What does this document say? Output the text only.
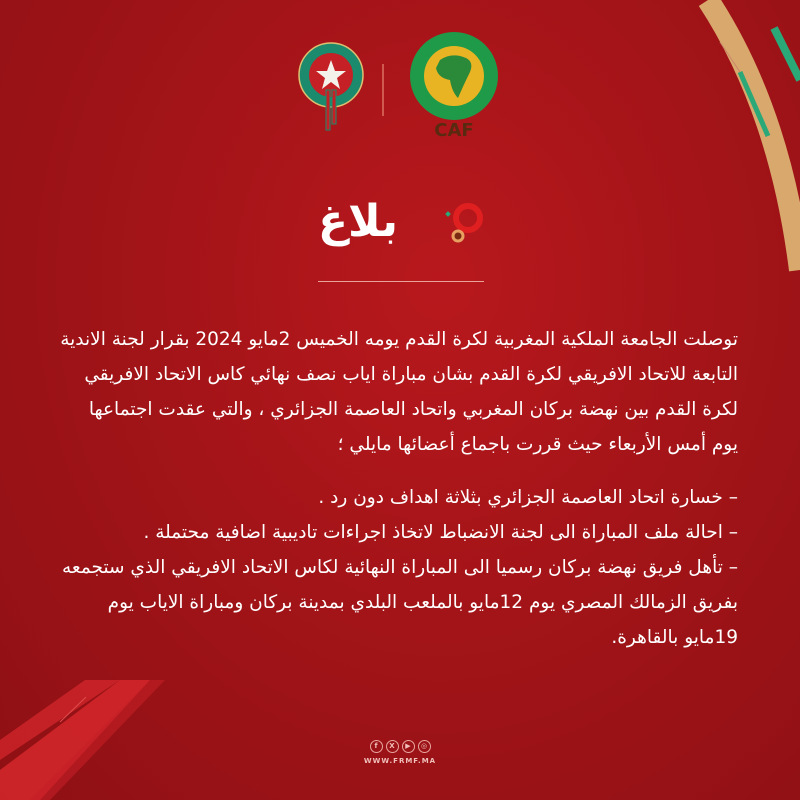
CAF
بلاغ

توصلت الجامعة الملكية المغربية لكرة القدم يومه الخميس 2مايو 2024 بقرار لجنة الاندية التابعة للاتحاد الافريقي لكرة القدم بشان مباراة اياب نصف نهائي كاس الاتحاد الافريقي لكرة القدم بين نهضة بركان المغربي واتحاد العاصمة الجزائري ، والتي عقدت اجتماعها يوم أمس الأربعاء حيث قررت باجماع أعضائها مايلي ؛

– خسارة اتحاد العاصمة الجزائري بثلاثة اهداف دون رد .

– احالة ملف المباراة الى لجنة الانضباط لاتخاذ اجراءات تاديبية اضافية محتملة .

– تأهل فريق نهضة بركان رسميا الى المباراة النهائية لكاس الاتحاد الافريقي الذي ستجمعه بفريق الزمالك المصري يوم 12مايو بالملعب البلدي بمدينة بركان ومباراة الاياب يوم 19مايو بالقاهرة.

f	X	▶	◎
WWW.FRMF.MA
